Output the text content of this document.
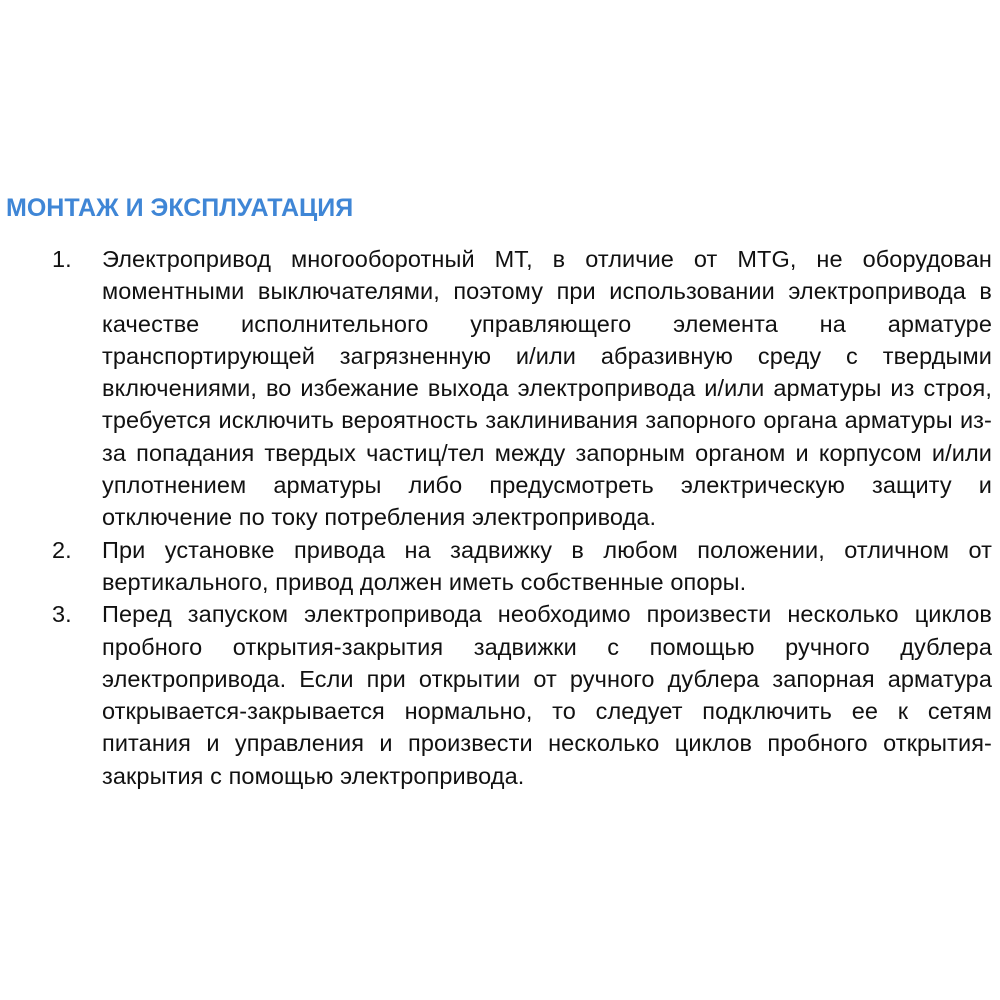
МОНТАЖ И ЭКСПЛУАТАЦИЯ
1. Электропривод многооборотный МТ, в отличие от MTG, не оборудован моментными выключателями, поэтому при использовании электропривода в качестве исполнительного управляющего элемента на арматуре транспортирующей загрязненную и/или абразивную среду с твердыми включениями, во избежание выхода электропривода и/или арматуры из строя, требуется исключить вероятность заклинивания запорного органа арматуры из-за попадания твердых частиц/тел между запорным органом и корпусом и/или уплотнением арматуры либо предусмотреть электрическую защиту и отключение по току потребления электропривода.
2. При установке привода на задвижку в любом положении, отличном от вертикального, привод должен иметь собственные опоры.
3. Перед запуском электропривода необходимо произвести несколько циклов пробного открытия-закрытия задвижки с помощью ручного дублера электропривода. Если при открытии от ручного дублера запорная арматура открывается-закрывается нормально, то следует подключить ее к сетям питания и управления и произвести несколько циклов пробного открытия-закрытия с помощью электропривода.
